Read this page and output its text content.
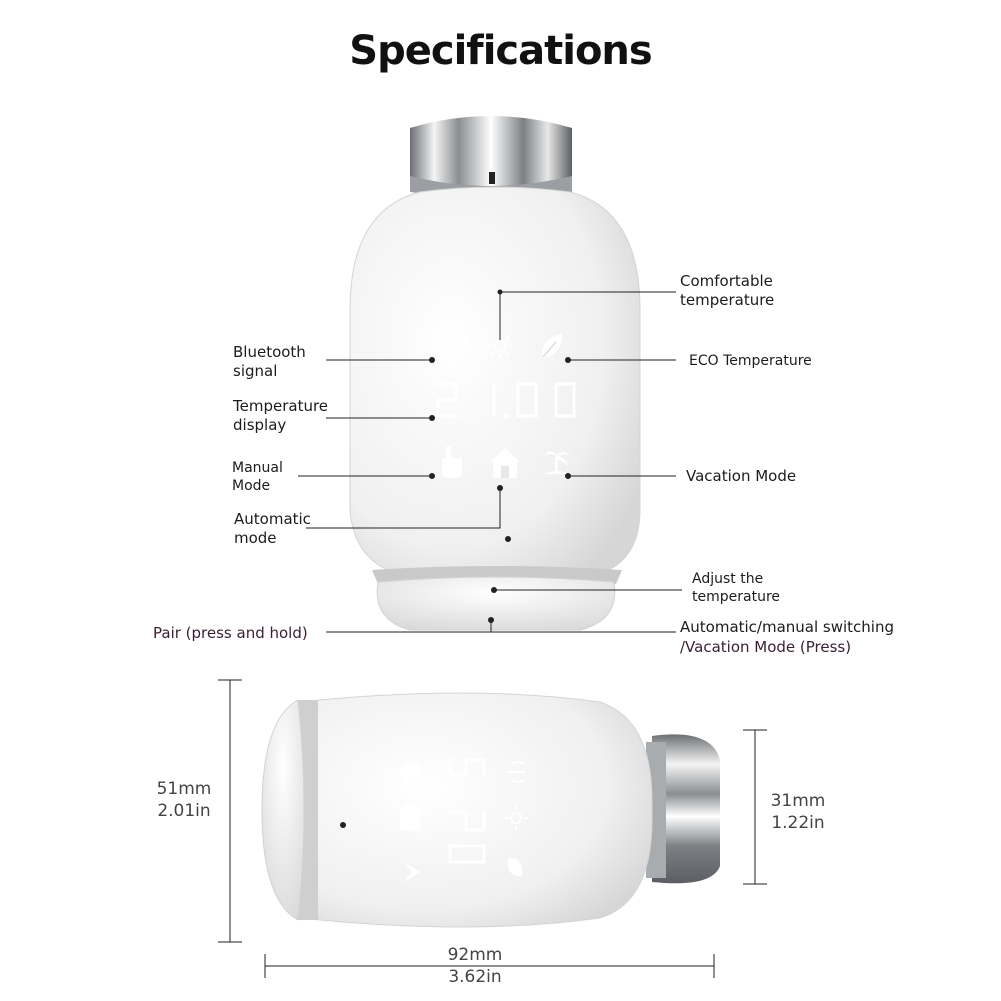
Specifications
Comfortable
temperature
Bluetooth
signal
ECO Temperature
Temperature
display
Manual
Mode
Vacation Mode
Automatic
mode
Adjust the
temperature
Pair (press and hold)	Automatic/manual switching
/Vacation Mode (Press)
51mm
2.01in	31mm
1.22in
92mm
3.62in
